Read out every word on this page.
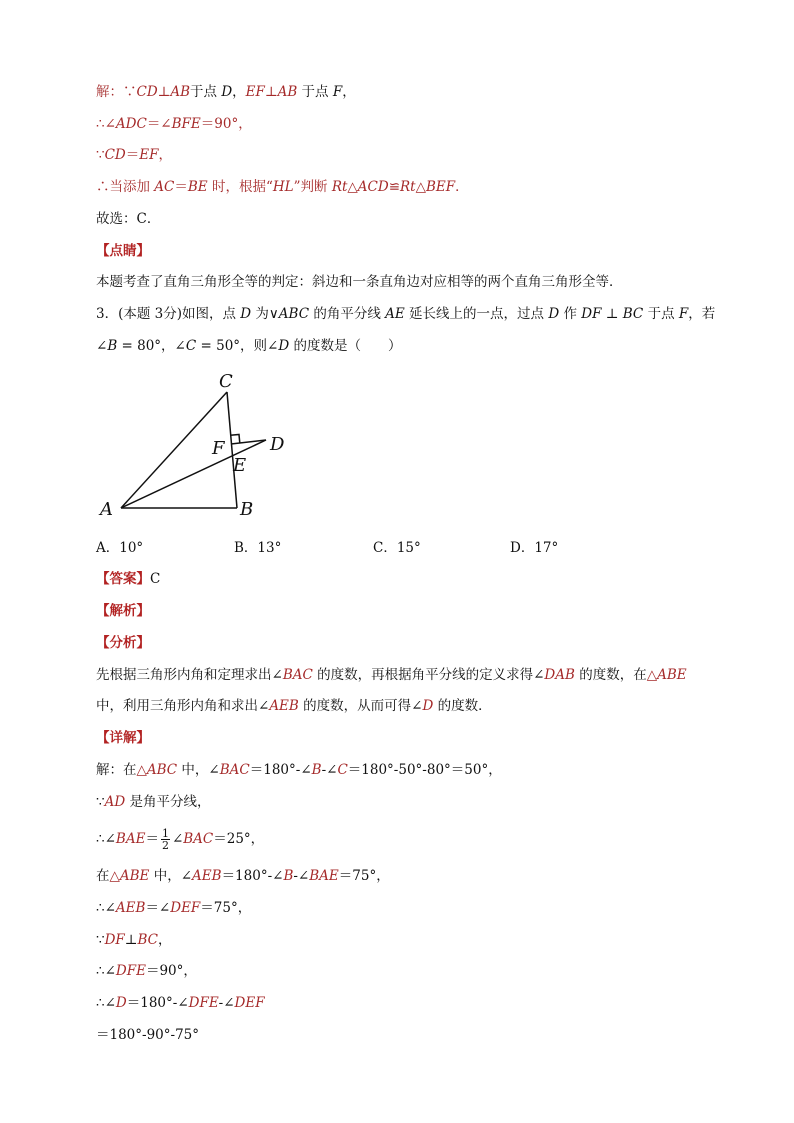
解：∵CD⊥AB于点 D，EF⊥AB 于点 F，
∴∠ADC＝∠BFE＝90°，
∵CD＝EF，
∴当添加 AC＝BE 时，根据“HL”判断 Rt△ACD≌Rt△BEF．
故选：C．
【点睛】
本题考查了直角三角形全等的判定：斜边和一条直角边对应相等的两个直角三角形全等．
3．(本题 3分)如图，点 D 为∨ABC 的角平分线 AE 延长线上的一点，过点 D 作 DF ⊥ BC 于点 F，若
∠B = 80°，∠C = 50°，则∠D 的度数是（　　）
C
F	D
E
A	B
A．10°	B．13°	C．15°	D．17°
【答案】C
【解析】
【分析】
先根据三角形内角和定理求出∠BAC 的度数，再根据角平分线的定义求得∠DAB 的度数，在△ABE
中，利用三角形内角和求出∠AEB 的度数，从而可得∠D 的度数．
【详解】
解：在△ABC 中，∠BAC＝180°-∠B-∠C＝180°-50°-80°＝50°，
∵AD 是角平分线，
∴∠BAE＝ $\frac{1}{2}$ ∠BAC＝25°，
在△ABE 中，∠AEB＝180°-∠B-∠BAE＝75°，
∴∠AEB＝∠DEF＝75°，
∵DF⊥BC，
∴∠DFE＝90°，
∴∠D＝180°-∠DFE-∠DEF
＝180°-90°-75°
